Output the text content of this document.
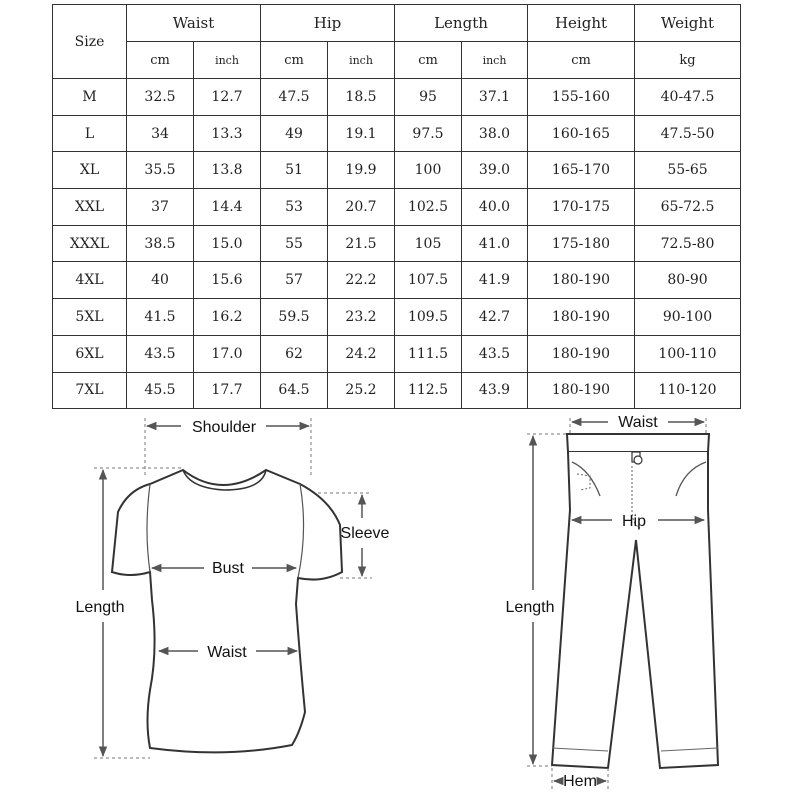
Size	Waist		Hip		Length		Height	Weight
	cm	inch	cm	inch	cm	inch	cm	kg
M	32.5	12.7	47.5	18.5	95	37.1	155-160	40-47.5
L	34	13.3	49	19.1	97.5	38.0	160-165	47.5-50
XL	35.5	13.8	51	19.9	100	39.0	165-170	55-65
XXL	37	14.4	53	20.7	102.5	40.0	170-175	65-72.5
XXXL	38.5	15.0	55	21.5	105	41.0	175-180	72.5-80
4XL	40	15.6	57	22.2	107.5	41.9	180-190	80-90
5XL	41.5	16.2	59.5	23.2	109.5	42.7	180-190	90-100
6XL	43.5	17.0	62	24.2	111.5	43.5	180-190	100-110
7XL	45.5	17.7	64.5	25.2	112.5	43.9	180-190	110-120
Shoulder
Sleeve
Bust
Waist
Length
Waist
Hip
Length
Hem
